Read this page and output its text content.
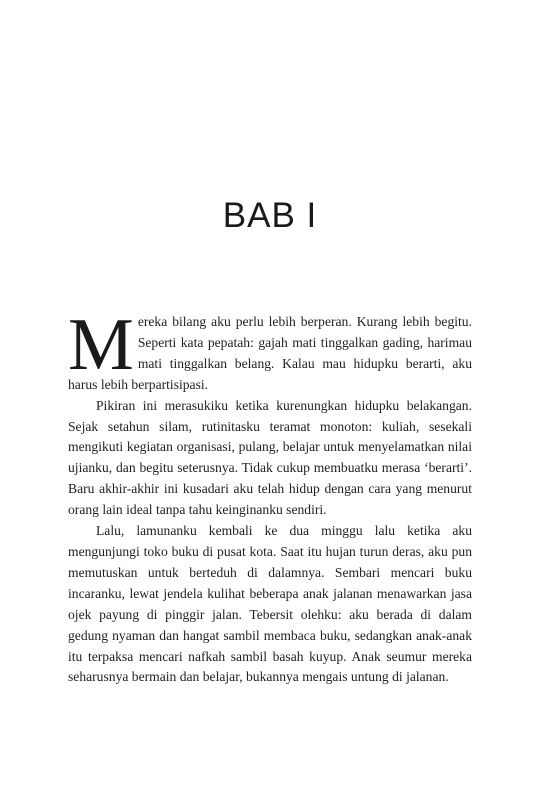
BAB I

Mereka bilang aku perlu lebih berperan. Kurang lebih begitu. Seperti kata pepatah: gajah mati tinggalkan gading, harimau mati tinggalkan belang. Kalau mau hidupku berarti, aku harus lebih berpartisipasi.

Pikiran ini merasukiku ketika kurenungkan hidupku belakangan. Sejak setahun silam, rutinitasku teramat monoton: kuliah, sesekali mengikuti kegiatan organisasi, pulang, belajar untuk menyelamatkan nilai ujianku, dan begitu seterusnya. Tidak cukup membuatku merasa ‘berarti’. Baru akhir-akhir ini kusadari aku telah hidup dengan cara yang menurut orang lain ideal tanpa tahu keinginanku sendiri.

Lalu, lamunanku kembali ke dua minggu lalu ketika aku mengunjungi toko buku di pusat kota. Saat itu hujan turun deras, aku pun memutuskan untuk berteduh di dalamnya. Sembari mencari buku incaranku, lewat jendela kulihat beberapa anak jalanan menawarkan jasa ojek payung di pinggir jalan. Tebersit olehku: aku berada di dalam gedung nyaman dan hangat sambil membaca buku, sedangkan anak-anak itu terpaksa mencari nafkah sambil basah kuyup. Anak seumur mereka seharusnya bermain dan belajar, bukannya mengais untung di jalanan.
